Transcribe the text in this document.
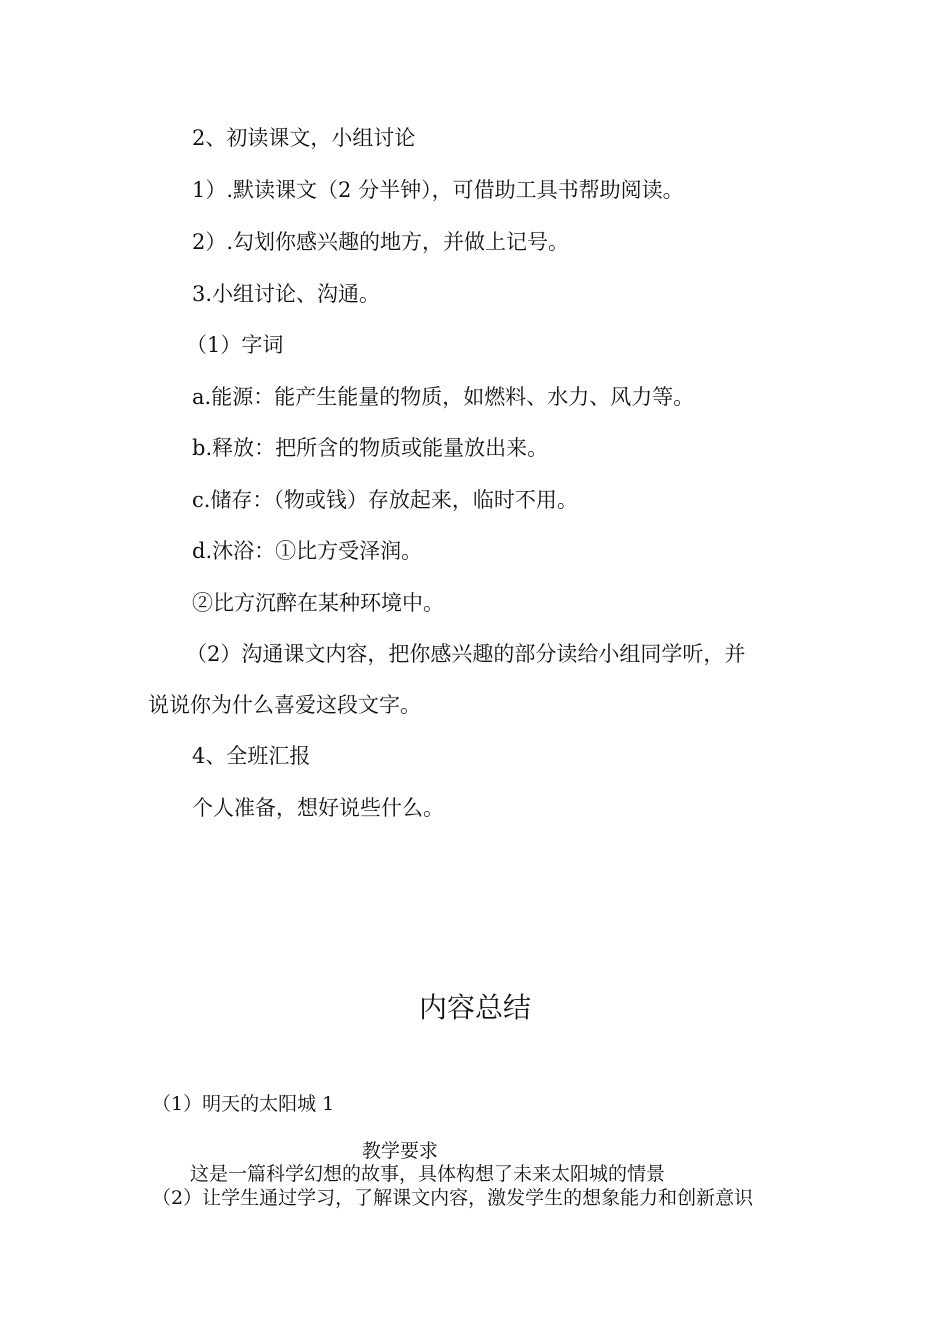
2、初读课文，小组讨论
1）.默读课文（2 分半钟），可借助工具书帮助阅读。
2）.勾划你感兴趣的地方，并做上记号。
3.小组讨论、沟通。
（1）字词
a.能源：能产生能量的物质，如燃料、水力、风力等。
b.释放：把所含的物质或能量放出来。
c.储存：（物或钱）存放起来，临时不用。
d.沐浴：①比方受泽润。
②比方沉醉在某种环境中。
（2）沟通课文内容，把你感兴趣的部分读给小组同学听，并
说说你为什么喜爱这段文字。
4、全班汇报
个人准备，想好说些什么。
内容总结
（1）明天的太阳城 1
教学要求
这是一篇科学幻想的故事，具体构想了未来太阳城的情景
（2）让学生通过学习，了解课文内容，激发学生的想象能力和创新意识
